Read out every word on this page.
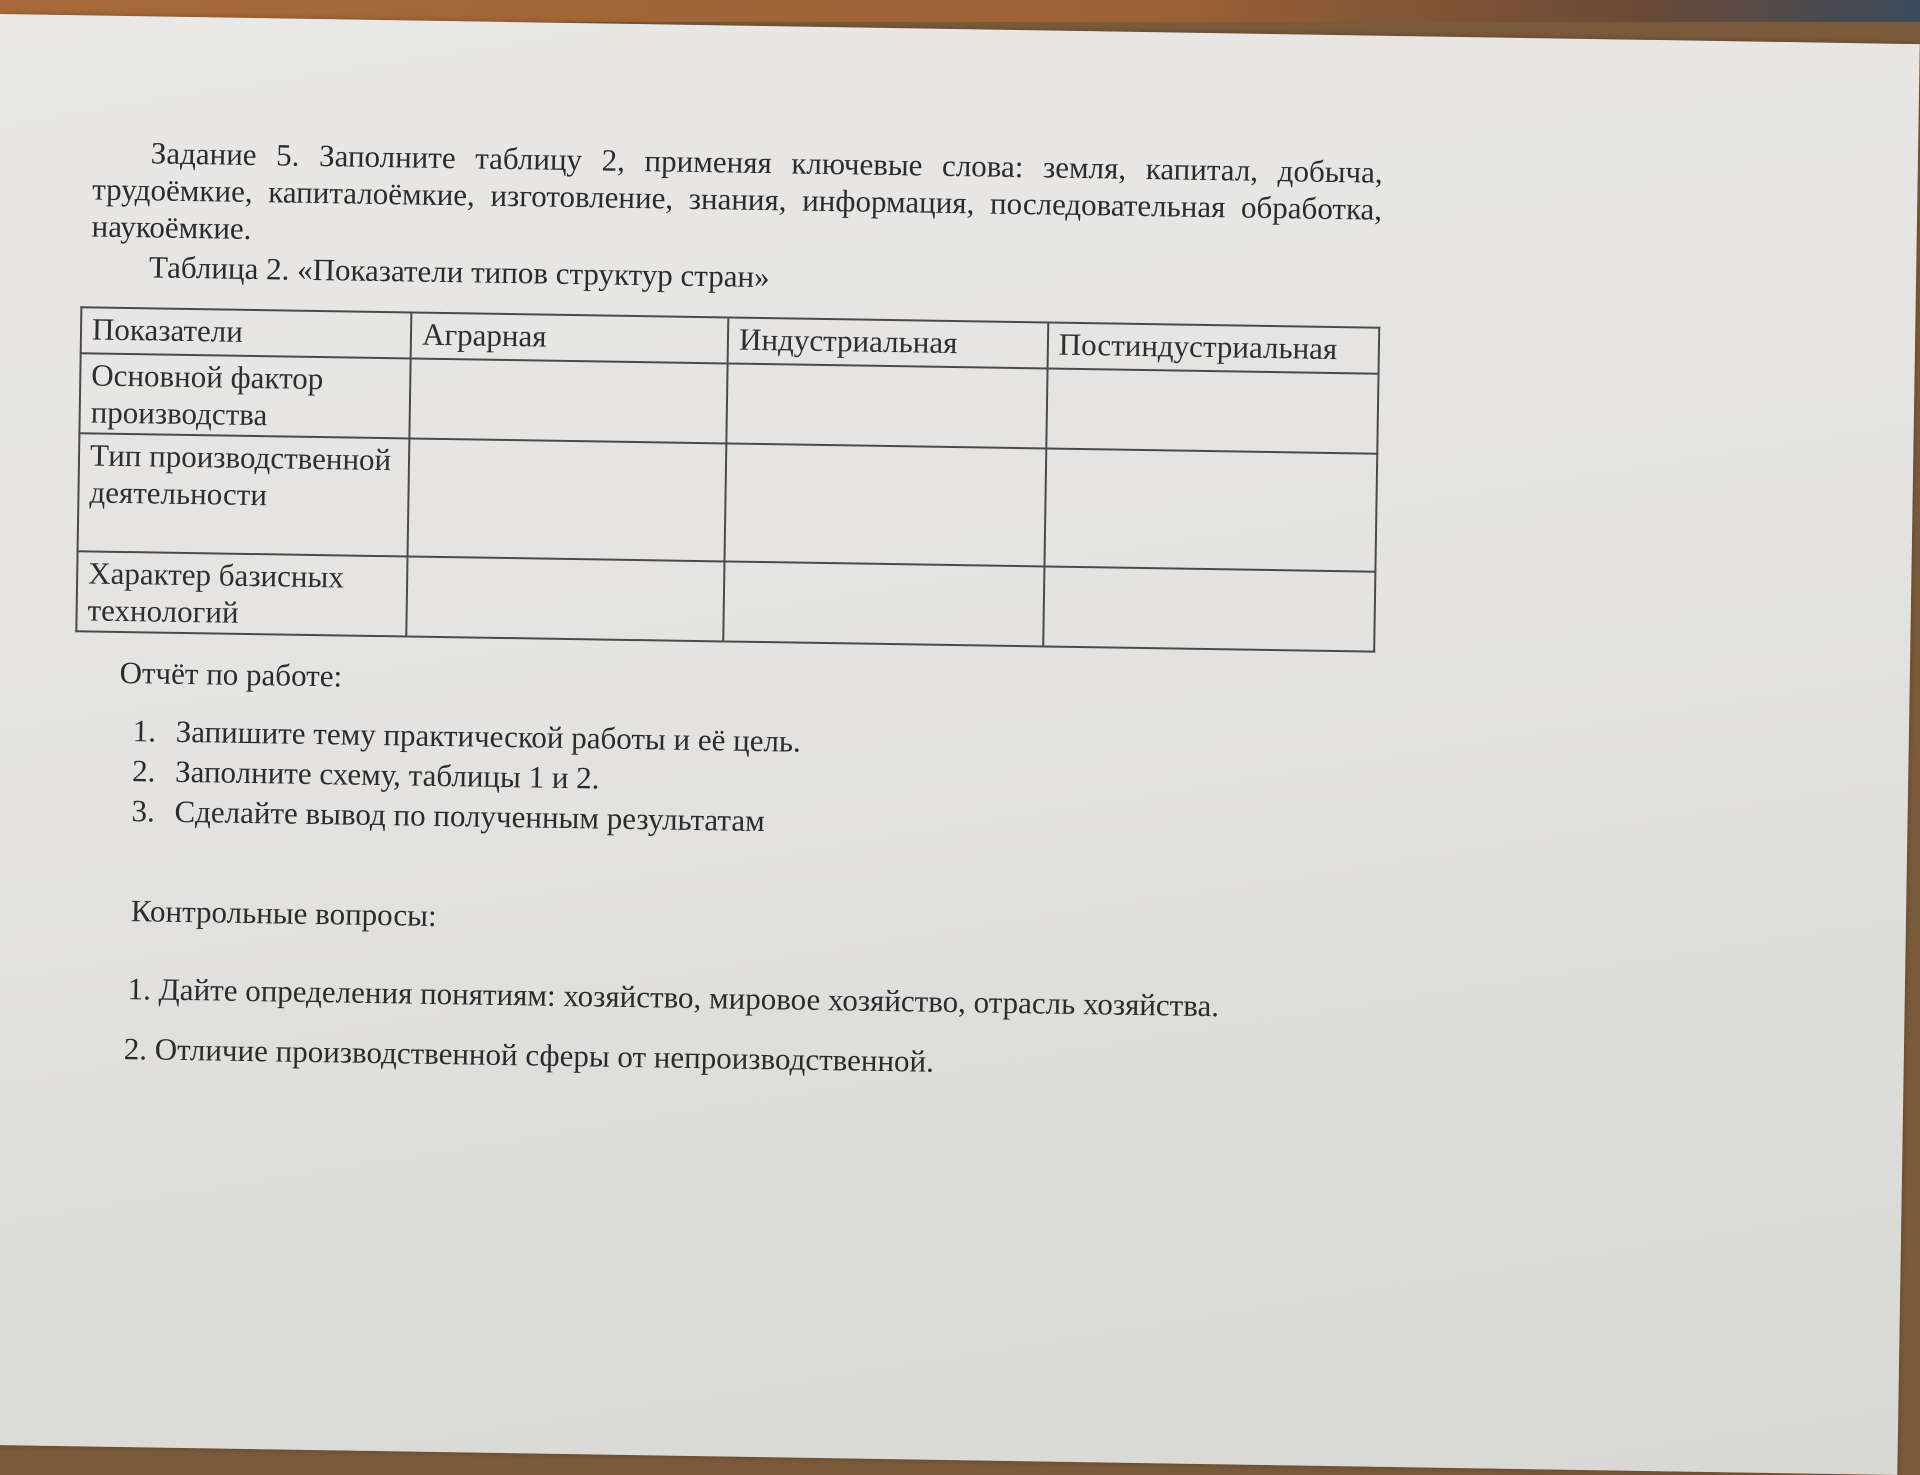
Задание 5. Заполните таблицу 2, применяя ключевые слова: земля, капитал, добыча, трудоёмкие, капиталоёмкие, изготовление, знания, информация, последовательная обработка, наукоёмкие.

Таблица 2. «Показатели типов структур стран»
Показатели	Аграрная	Индустриальная	Постиндустриальная
Основной фактор производства			
Тип производственной деятельности			
Характер базисных технологий			
Отчёт по работе:
1. Запишите тему практической работы и её цель.
2. Заполните схему, таблицы 1 и 2.
3. Сделайте вывод по полученным результатам
Контрольные вопросы:
1. Дайте определения понятиям: хозяйство, мировое хозяйство, отрасль хозяйства.
2. Отличие производственной сферы от непроизводственной.
